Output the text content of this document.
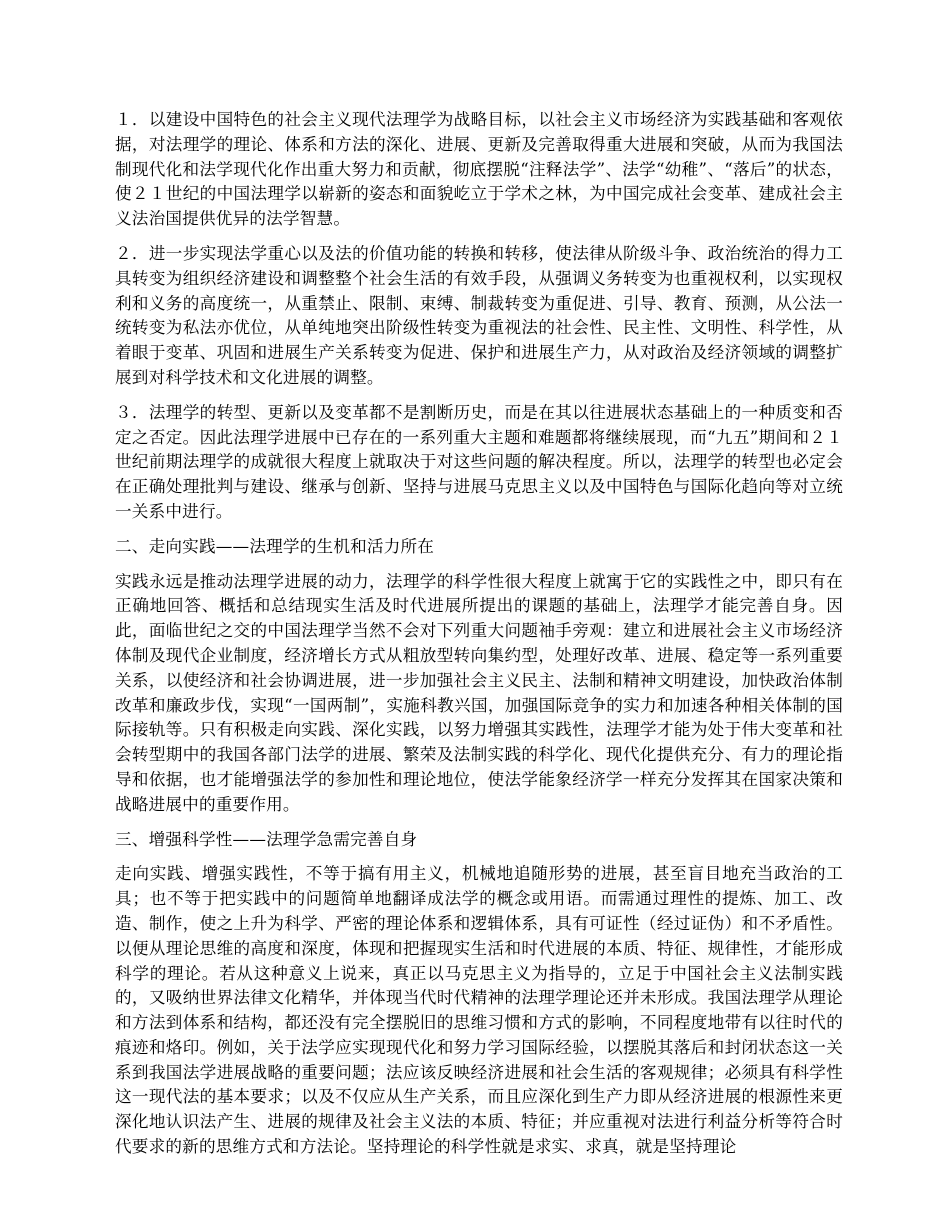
１．以建设中国特色的社会主义现代法理学为战略目标，以社会主义市场经济为实践基础和客观依据，对法理学的理论、体系和方法的深化、进展、更新及完善取得重大进展和突破，从而为我国法制现代化和法学现代化作出重大努力和贡献，彻底摆脱“注释法学”、法学“幼稚”、“落后”的状态，使２１世纪的中国法理学以崭新的姿态和面貌屹立于学术之林，为中国完成社会变革、建成社会主义法治国提供优异的法学智慧。

２．进一步实现法学重心以及法的价值功能的转换和转移，使法律从阶级斗争、政治统治的得力工具转变为组织经济建设和调整整个社会生活的有效手段，从强调义务转变为也重视权利，以实现权利和义务的高度统一，从重禁止、限制、束缚、制裁转变为重促进、引导、教育、预测，从公法一统转变为私法亦优位，从单纯地突出阶级性转变为重视法的社会性、民主性、文明性、科学性，从着眼于变革、巩固和进展生产关系转变为促进、保护和进展生产力，从对政治及经济领域的调整扩展到对科学技术和文化进展的调整。

３．法理学的转型、更新以及变革都不是割断历史，而是在其以往进展状态基础上的一种质变和否定之否定。因此法理学进展中已存在的一系列重大主题和难题都将继续展现，而“九五”期间和２１世纪前期法理学的成就很大程度上就取决于对这些问题的解决程度。所以，法理学的转型也必定会在正确处理批判与建设、继承与创新、坚持与进展马克思主义以及中国特色与国际化趋向等对立统一关系中进行。

二、走向实践——法理学的生机和活力所在

实践永远是推动法理学进展的动力，法理学的科学性很大程度上就寓于它的实践性之中，即只有在正确地回答、概括和总结现实生活及时代进展所提出的课题的基础上，法理学才能完善自身。因此，面临世纪之交的中国法理学当然不会对下列重大问题袖手旁观：建立和进展社会主义市场经济体制及现代企业制度，经济增长方式从粗放型转向集约型，处理好改革、进展、稳定等一系列重要关系，以使经济和社会协调进展，进一步加强社会主义民主、法制和精神文明建设，加快政治体制改革和廉政步伐，实现“一国两制”，实施科教兴国，加强国际竞争的实力和加速各种相关体制的国际接轨等。只有积极走向实践、深化实践，以努力增强其实践性，法理学才能为处于伟大变革和社会转型期中的我国各部门法学的进展、繁荣及法制实践的科学化、现代化提供充分、有力的理论指导和依据，也才能增强法学的参加性和理论地位，使法学能象经济学一样充分发挥其在国家决策和战略进展中的重要作用。

三、增强科学性——法理学急需完善自身

走向实践、增强实践性，不等于搞有用主义，机械地追随形势的进展，甚至盲目地充当政治的工具；也不等于把实践中的问题简单地翻译成法学的概念或用语。而需通过理性的提炼、加工、改造、制作，使之上升为科学、严密的理论体系和逻辑体系，具有可证性（经过证伪）和不矛盾性。以便从理论思维的高度和深度，体现和把握现实生活和时代进展的本质、特征、规律性，才能形成科学的理论。若从这种意义上说来，真正以马克思主义为指导的，立足于中国社会主义法制实践的，又吸纳世界法律文化精华，并体现当代时代精神的法理学理论还并未形成。我国法理学从理论和方法到体系和结构，都还没有完全摆脱旧的思维习惯和方式的影响，不同程度地带有以往时代的痕迹和烙印。例如，关于法学应实现现代化和努力学习国际经验，以摆脱其落后和封闭状态这一关系到我国法学进展战略的重要问题；法应该反映经济进展和社会生活的客观规律；必须具有科学性这一现代法的基本要求；以及不仅应从生产关系，而且应深化到生产力即从经济进展的根源性来更深化地认识法产生、进展的规律及社会主义法的本质、特征；并应重视对法进行利益分析等符合时代要求的新的思维方式和方法论。坚持理论的科学性就是求实、求真，就是坚持理论
